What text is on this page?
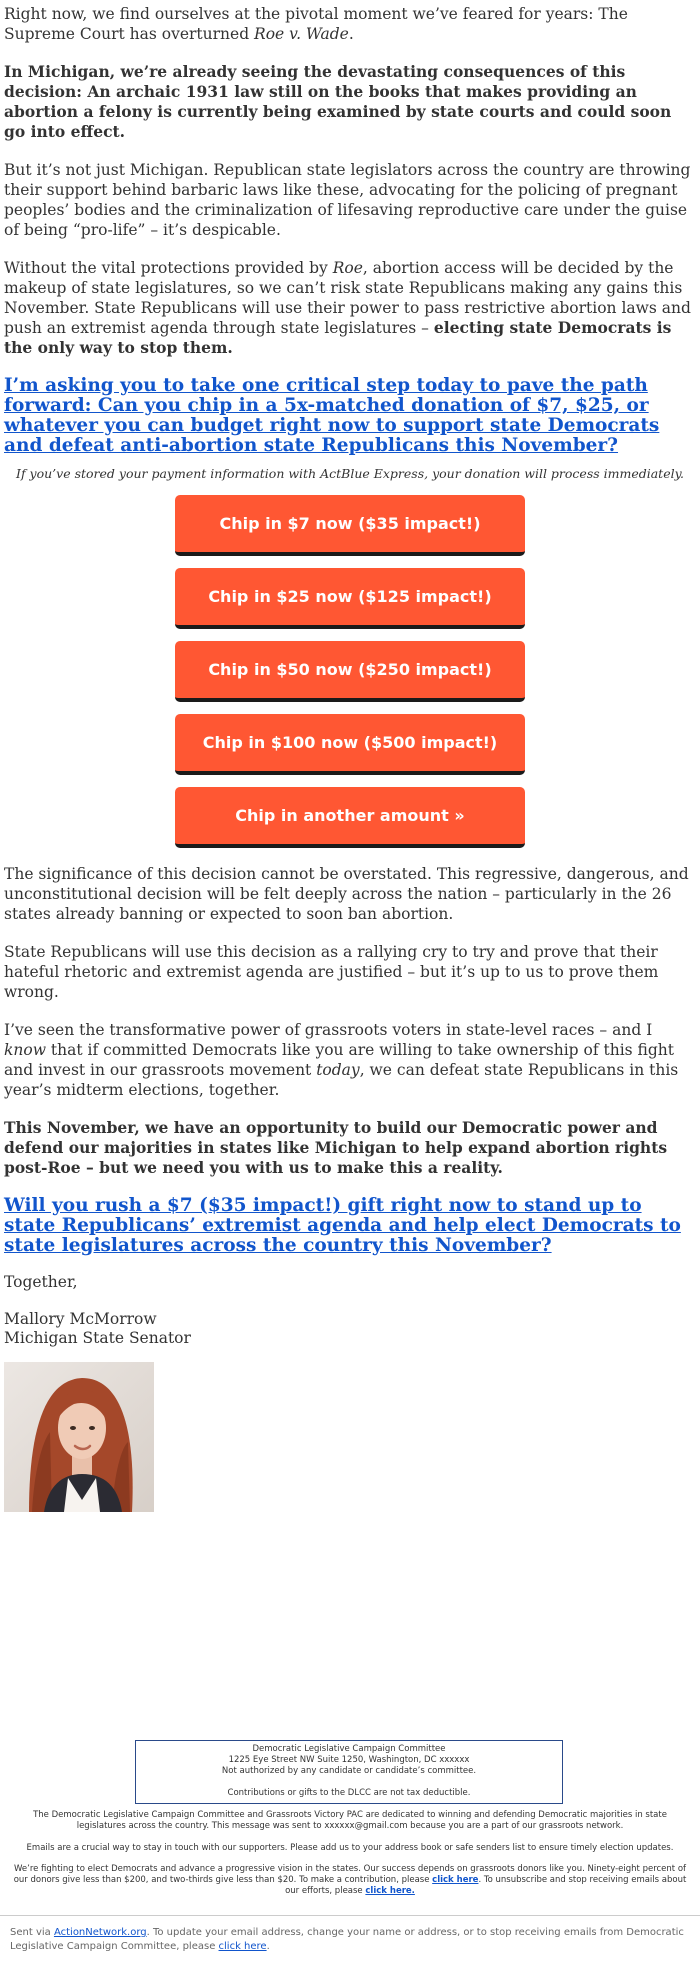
Right now, we find ourselves at the pivotal moment we’ve feared for years: The Supreme Court has overturned Roe v. Wade.

In Michigan, we’re already seeing the devastating consequences of this decision: An archaic 1931 law still on the books that makes providing an abortion a felony is currently being examined by state courts and could soon go into effect.

But it’s not just Michigan. Republican state legislators across the country are throwing their support behind barbaric laws like these, advocating for the policing of pregnant peoples’ bodies and the criminalization of lifesaving reproductive care under the guise of being “pro-life” – it’s despicable.

Without the vital protections provided by Roe, abortion access will be decided by the makeup of state legislatures, so we can’t risk state Republicans making any gains this November. State Republicans will use their power to pass restrictive abortion laws and push an extremist agenda through state legislatures – electing state Democrats is the only way to stop them.

I’m asking you to take one critical step today to pave the path forward: Can you chip in a 5x-matched donation of $7, $25, or whatever you can budget right now to support state Democrats and defeat anti-abortion state Republicans this November?
If you’ve stored your payment information with ActBlue Express, your donation will process immediately.
Chip in $7 now ($35 impact!)
Chip in $25 now ($125 impact!)
Chip in $50 now ($250 impact!)
Chip in $100 now ($500 impact!)
Chip in another amount »

The significance of this decision cannot be overstated. This regressive, dangerous, and unconstitutional decision will be felt deeply across the nation – particularly in the 26 states already banning or expected to soon ban abortion.

State Republicans will use this decision as a rallying cry to try and prove that their hateful rhetoric and extremist agenda are justified – but it’s up to us to prove them wrong.

I’ve seen the transformative power of grassroots voters in state-level races – and I know that if committed Democrats like you are willing to take ownership of this fight and invest in our grassroots movement today, we can defeat state Republicans in this year’s midterm elections, together.

This November, we have an opportunity to build our Democratic power and defend our majorities in states like Michigan to help expand abortion rights post-Roe – but we need you with us to make this a reality.

Will you rush a $7 ($35 impact!) gift right now to stand up to state Republicans’ extremist agenda and help elect Democrats to state legislatures across the country this November?

Together,

Mallory McMorrow
Michigan State Senator
Democratic Legislative Campaign Committee
1225 Eye Street NW Suite 1250, Washington, DC xxxxxx
Not authorized by any candidate or candidate’s committee.
Contributions or gifts to the DLCC are not tax deductible.
The Democratic Legislative Campaign Committee and Grassroots Victory PAC are dedicated to winning and defending Democratic majorities in state legislatures across the country. This message was sent to xxxxxx@gmail.com because you are a part of our grassroots network.
Emails are a crucial way to stay in touch with our supporters. Please add us to your address book or safe senders list to ensure timely election updates.
We’re fighting to elect Democrats and advance a progressive vision in the states. Our success depends on grassroots donors like you. Ninety-eight percent of our donors give less than $200, and two-thirds give less than $20. To make a contribution, please click here. To unsubscribe and stop receiving emails about our efforts, please click here.
Sent via ActionNetwork.org. To update your email address, change your name or address, or to stop receiving emails from Democratic Legislative Campaign Committee, please click here.
